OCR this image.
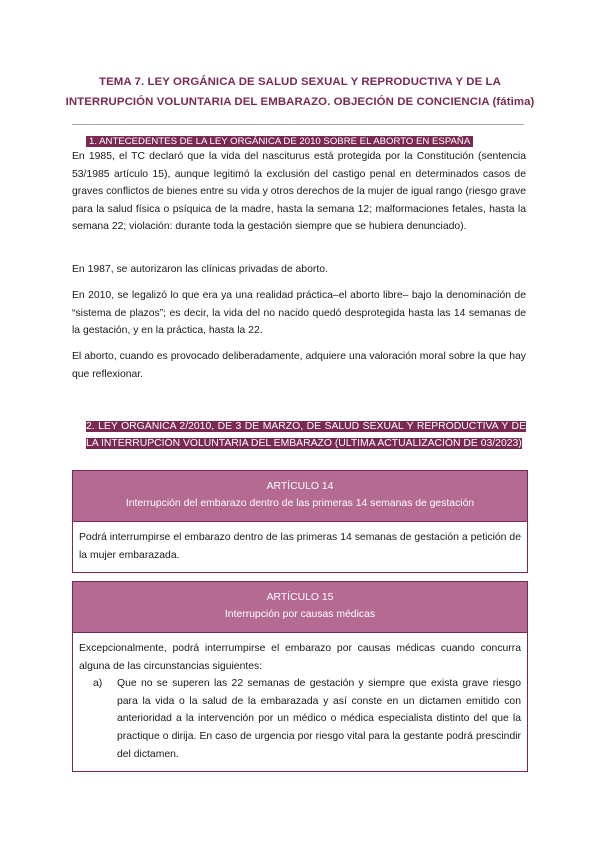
TEMA 7. LEY ORGÁNICA DE SALUD SEXUAL Y REPRODUCTIVA Y DE LA
INTERRUPCIÓN VOLUNTARIA DEL EMBARAZO. OBJECIÓN DE CONCIENCIA (fátima)
1. ANTECEDENTES DE LA LEY ORGÁNICA DE 2010 SOBRE EL ABORTO EN ESPAÑA

En 1985, el TC declaró que la vida del nasciturus está protegida por la Constitución (sentencia 53/1985 artículo 15), aunque legitimó la exclusión del castigo penal en determinados casos de graves conflictos de bienes entre su vida y otros derechos de la mujer de igual rango (riesgo grave para la salud física o psíquica de la madre, hasta la semana 12; malformaciones fetales, hasta la semana 22; violación: durante toda la gestación siempre que se hubiera denunciado).

En 1987, se autorizaron las clínicas privadas de aborto.

En 2010, se legalizó lo que era ya una realidad práctica–el aborto libre– bajo la denominación de “sistema de plazos”; es decir, la vida del no nacido quedó desprotegida hasta las 14 semanas de la gestación, y en la práctica, hasta la 22.

El aborto, cuando es provocado deliberadamente, adquiere una valoración moral sobre la que hay que reflexionar.

2. LEY ORGÁNICA 2/2010, DE 3 DE MARZO, DE SALUD SEXUAL Y REPRODUCTIVA Y DE LA INTERRUPCIÓN VOLUNTARIA DEL EMBARAZO (ÚLTIMA ACTUALIZACIÓN DE 03/2023)
ARTÍCULO 14
Interrupción del embarazo dentro de las primeras 14 semanas de gestación
Podrá interrumpirse el embarazo dentro de las primeras 14 semanas de gestación a petición de la mujer embarazada.
ARTÍCULO 15
Interrupción por causas médicas
Excepcionalmente, podrá interrumpirse el embarazo por causas médicas cuando concurra alguna de las circunstancias siguientes:
a)	Que no se superen las 22 semanas de gestación y siempre que exista grave riesgo para la vida o la salud de la embarazada y así conste en un dictamen emitido con anterioridad a la intervención por un médico o médica especialista distinto del que la practique o dirija. En caso de urgencia por riesgo vital para la gestante podrá prescindir del dictamen.
